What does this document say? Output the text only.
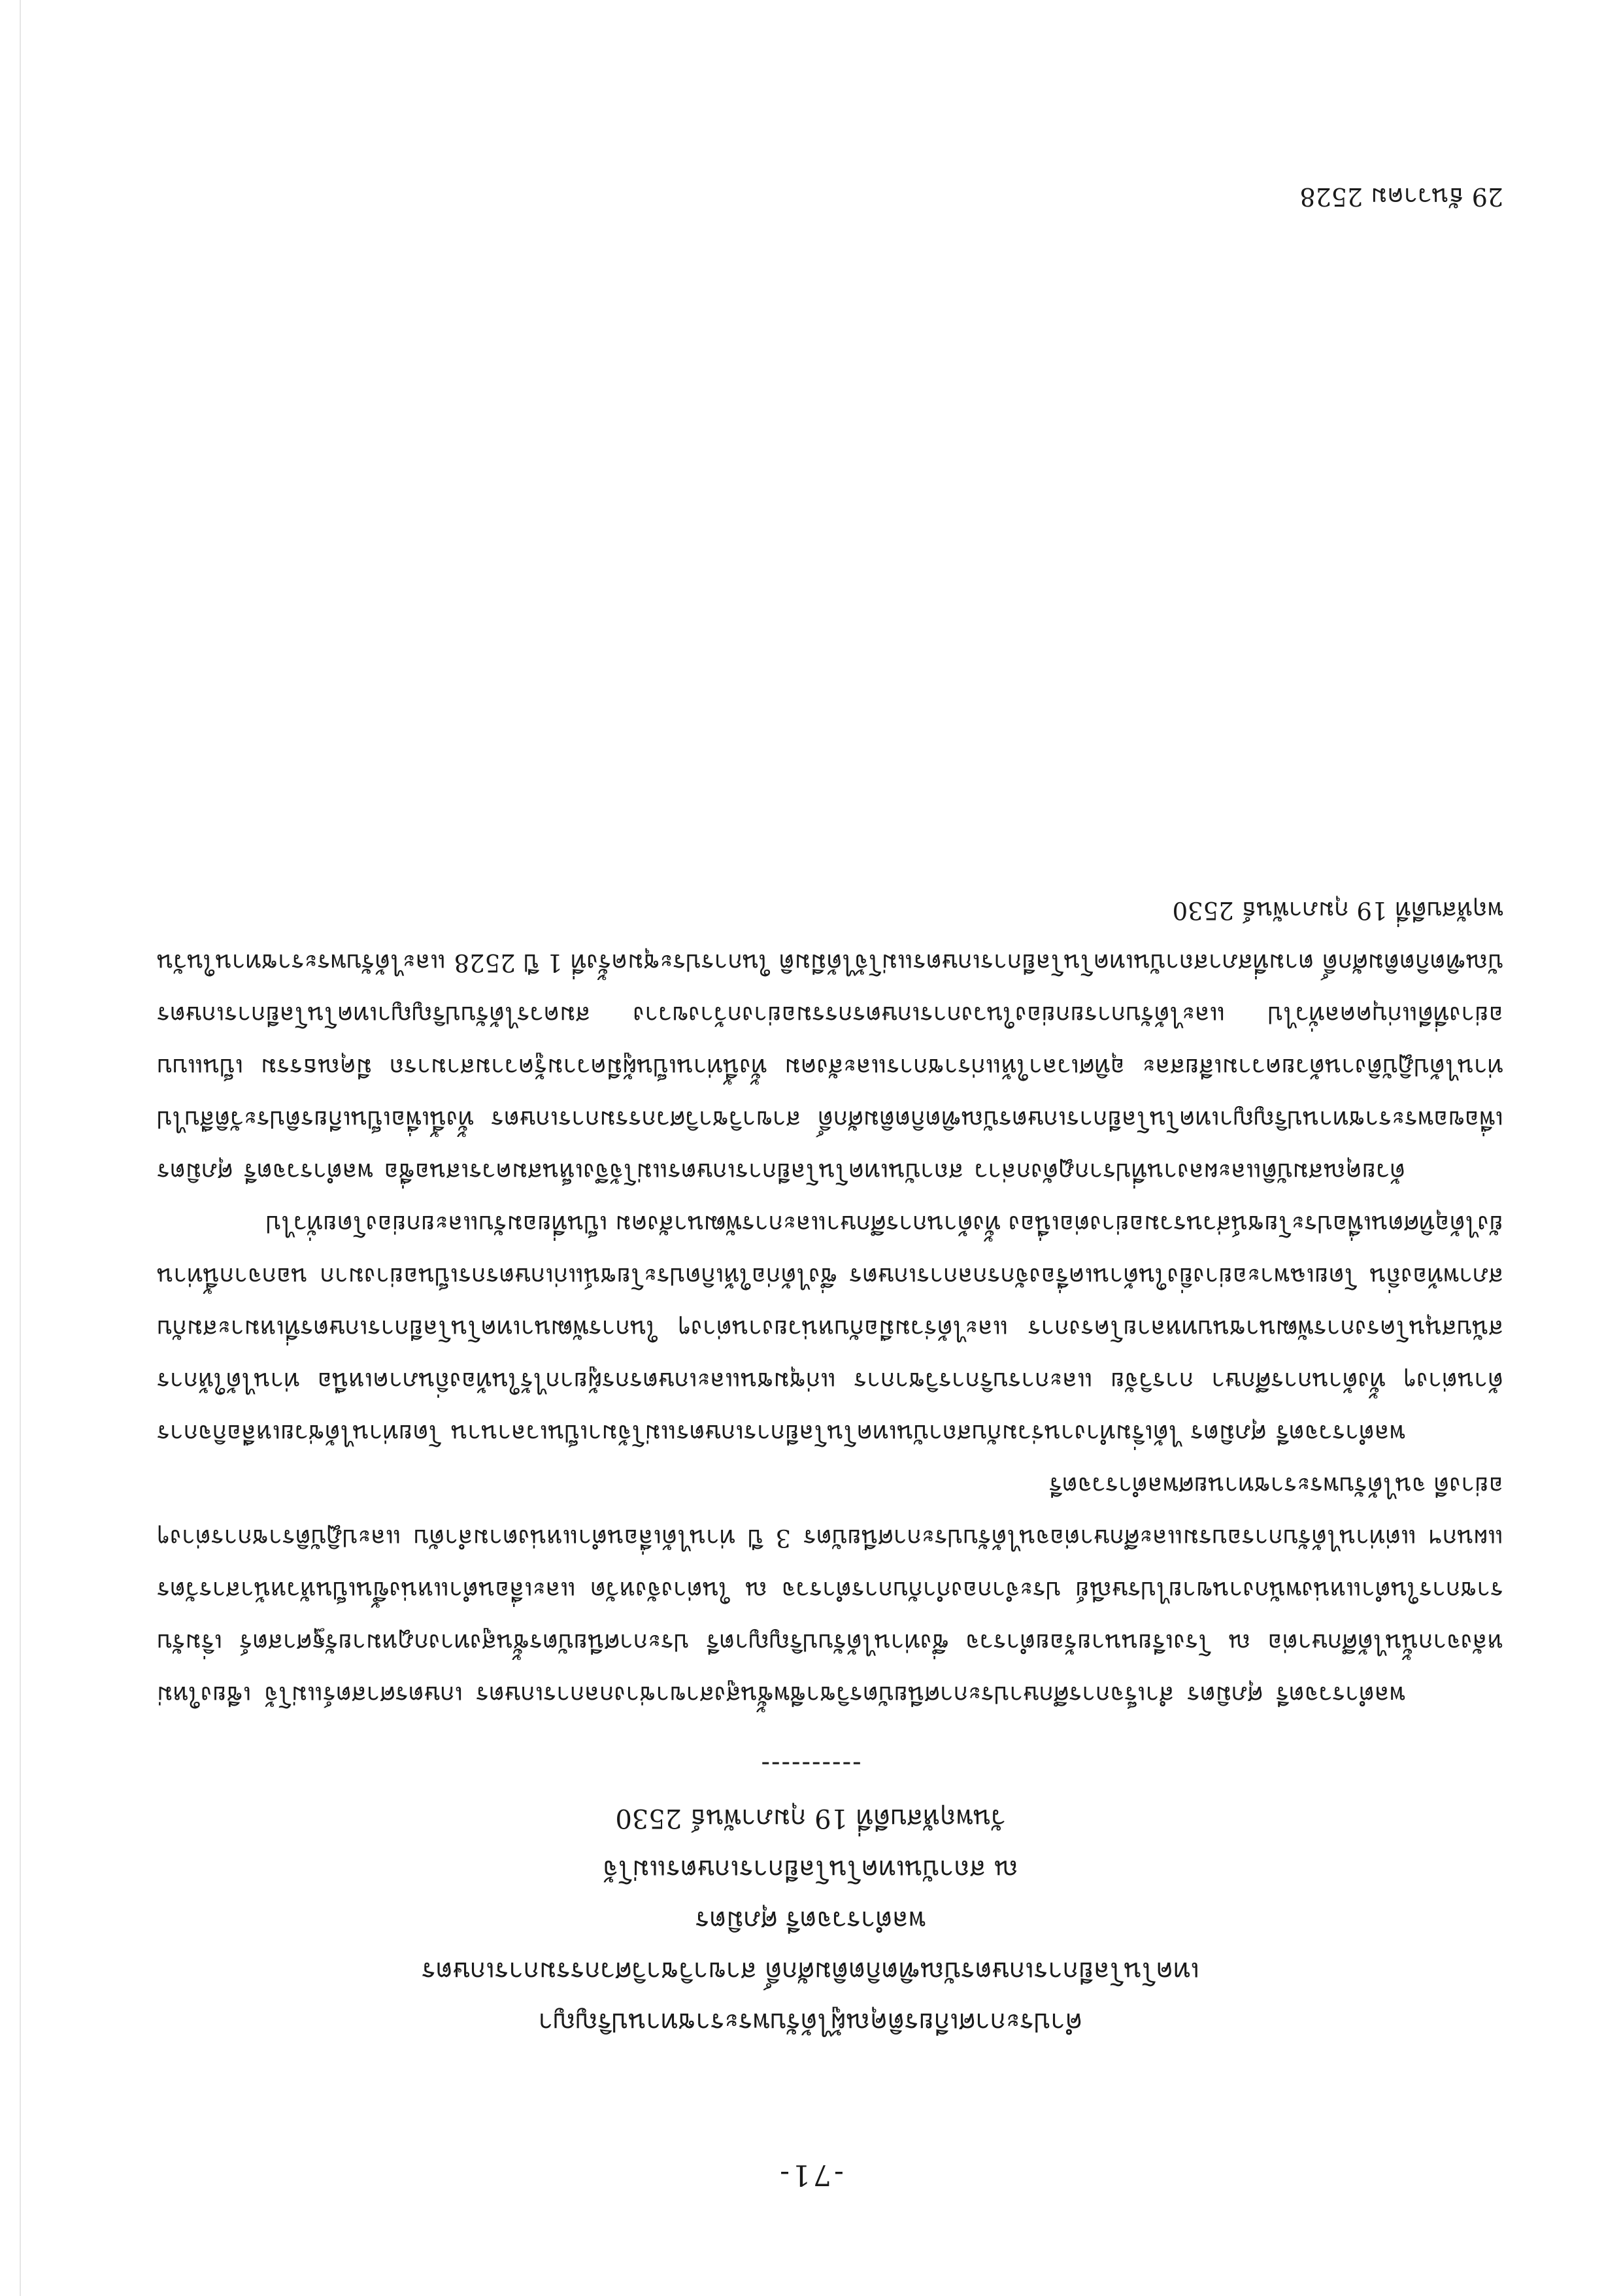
-71-
คำประกาศเกียรติคุณผู้ได้รับพระราชทานปริญญา
เทคโนโลยีการเกษตรบัณฑิตกิตติมศักดิ์ สาขาวิชาวิศวกรรมการเกษตร
พลตำรวจตรี ศุภมิตร
ณ สถาบันเทคโนโลยีการเกษตรแม่โจ้
วันพฤหัสบดีที่ 19 กุมภาพันธ์ 2530
----------

พลตำรวจตรี ศุภมิตร สำเร็จการศึกษาประกาศนียบัตรวิชาชีพชั้นสูงสาขาช่างกลการเกษตร เกษตรศาสตร์แม่โจ้ เชียงใหม่ หลังจากนั้นได้ศึกษาต่อ ณ โรงเรียนนายร้อยตำรวจ ซึ่งท่านได้รับปริญญาตรี ประกาศนียบัตรชั้นสูงทางกฎหมายรัฐศาสตร์ เริ่มรับราชการในตำแหน่งพนักงานขายไปรษณีย์ ประจำกองกำกับการตำรวจ ณ ในต่างจังหวัด และเลื่อนตำแหน่งขึ้นเป็นหัวหน้าสารวัตรแผนกฯ แต่ท่านได้รับการอบรมและศึกษาต่อจนได้รับประกาศนียบัตร 3 ปี ท่านได้เลื่อนตำแหน่งตามลำดับ และปฏิบัติราชการต่างๆ อย่างดี จนได้รับพระราชทานยศพลตำรวจตรี

พลตำรวจตรี ศุภมิตร ได้เริ่มทำงานร่วมกับสถาบันเทคโนโลยีการเกษตรแม่โจ้มาเป็นเวลานาน โดยท่านได้ช่วยเหลือกิจการด้านต่างๆ ทั้งด้านการศึกษา การวิจัย และการบริการวิชาการ แก่ชุมชนและเกษตรกรผู้ยากไร้ในท้องถิ่นภาคเหนือ ท่านได้ให้การสนับสนุนโครงการพัฒนาชนบทหลายโครงการ และได้ร่วมมือกับหน่วยงานต่างๆ ในการพัฒนาเทคโนโลยีการเกษตรที่เหมาะสมกับสภาพท้องถิ่น โดยเฉพาะอย่างยิ่งในด้านเครื่องจักรกลการเกษตร ซึ่งได้ก่อให้เกิดประโยชน์แก่เกษตรกรเป็นอย่างมาก นอกจากนี้ท่านยังได้อุทิศตนเพื่อประโยชน์ส่วนรวมอย่างต่อเนื่อง ทั้งด้านการศึกษาและการพัฒนาสังคม เป็นที่ยอมรับและยกย่องโดยทั่วไป

ด้วยคุณสมบัติและผลงานที่ปรากฏดังกล่าว สถาบันเทคโนโลยีการเกษตรแม่โจ้จึงเห็นสมควรเสนอชื่อ พลตำรวจตรี ศุภมิตร เพื่อขอพระราชทานปริญญาเทคโนโลยีการเกษตรบัณฑิตกิตติมศักดิ์ สาขาวิชาวิศวกรรมการเกษตร ทั้งนี้เพื่อเป็นเกียรติประวัติสืบไป ท่านได้ปฏิบัติงานด้วยความเสียสละ อุทิศเวลาให้แก่ราชการและสังคม ทั้งนี้ท่านเป็นผู้มีความรู้ความสามารถ มีคุณธรรม เป็นแบบอย่างที่ดีแก่บุคคลทั่วไป และได้รับการยกย่องในวงการเกษตรกรรมอย่างกว้างขวาง สมควรได้รับปริญญาเทคโนโลยีการเกษตรบัณฑิตกิตติมศักดิ์ ตามที่สภาสถาบันเทคโนโลยีการเกษตรแม่โจ้ได้มีมติ ในการประชุมครั้งที่ 1 ปี 2528 และได้รับพระราชทานในวันพฤหัสบดีที่ 19 กุมภาพันธ์ 2530

29 ธันวาคม 2528
